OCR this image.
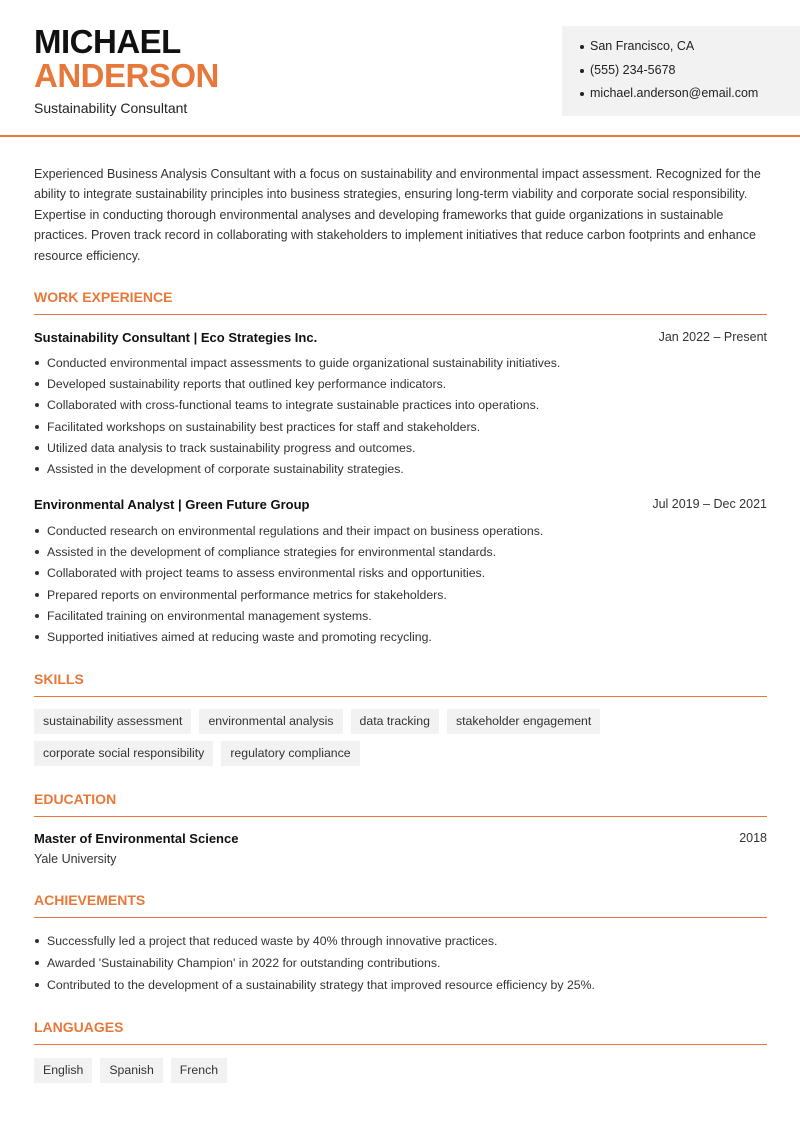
MICHAEL
ANDERSON
Sustainability Consultant
San Francisco, CA
(555) 234-5678
michael.anderson@email.com

Experienced Business Analysis Consultant with a focus on sustainability and environmental impact assessment. Recognized for the ability to integrate sustainability principles into business strategies, ensuring long-term viability and corporate social responsibility. Expertise in conducting thorough environmental analyses and developing frameworks that guide organizations in sustainable practices. Proven track record in collaborating with stakeholders to implement initiatives that reduce carbon footprints and enhance resource efficiency.

WORK EXPERIENCE
Sustainability Consultant | Eco Strategies Inc.	Jan 2022 – Present
Conducted environmental impact assessments to guide organizational sustainability initiatives.
Developed sustainability reports that outlined key performance indicators.
Collaborated with cross-functional teams to integrate sustainable practices into operations.
Facilitated workshops on sustainability best practices for staff and stakeholders.
Utilized data analysis to track sustainability progress and outcomes.
Assisted in the development of corporate sustainability strategies.
Environmental Analyst | Green Future Group	Jul 2019 – Dec 2021
Conducted research on environmental regulations and their impact on business operations.
Assisted in the development of compliance strategies for environmental standards.
Collaborated with project teams to assess environmental risks and opportunities.
Prepared reports on environmental performance metrics for stakeholders.
Facilitated training on environmental management systems.
Supported initiatives aimed at reducing waste and promoting recycling.
SKILLS
sustainability assessment	environmental analysis	data tracking	stakeholder engagement
corporate social responsibility	regulatory compliance
EDUCATION
Master of Environmental Science	2018
Yale University
ACHIEVEMENTS
Successfully led a project that reduced waste by 40% through innovative practices.
Awarded 'Sustainability Champion' in 2022 for outstanding contributions.
Contributed to the development of a sustainability strategy that improved resource efficiency by 25%.
LANGUAGES
English	Spanish	French
